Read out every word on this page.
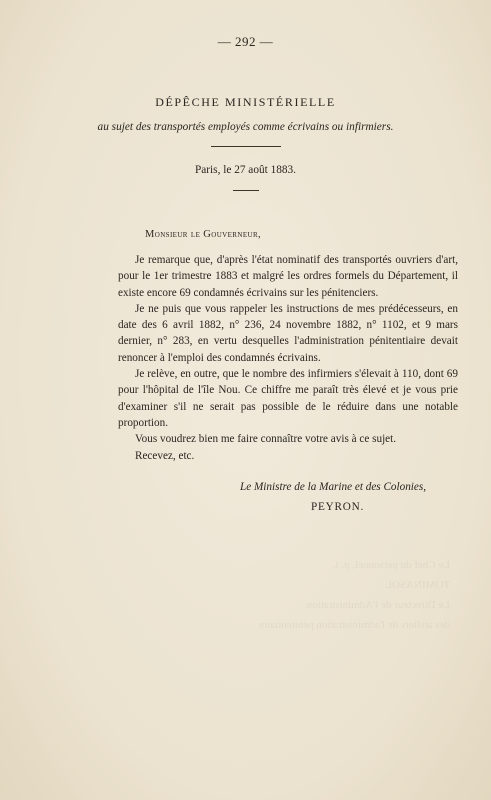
Le Chef du personnel, p. i.
TOMINASOL
Le Directeur de l'Administration
des ateliers de l'administration pénitentiaire
— 292 —
DÉPÊCHE MINISTÉRIELLE
au sujet des transportés employés comme écrivains ou infirmiers.
Paris, le 27 août 1883.
Monsieur le Gouverneur,

Je remarque que, d'après l'état nominatif des transportés ouvriers d'art, pour le 1er trimestre 1883 et malgré les ordres formels du Département, il existe encore 69 condamnés écrivains sur les pénitenciers.

Je ne puis que vous rappeler les instructions de mes prédécesseurs, en date des 6 avril 1882, n° 236, 24 novembre 1882, n° 1102, et 9 mars dernier, n° 283, en vertu desquelles l'administration pénitentiaire devait renoncer à l'emploi des condamnés écrivains.

Je relève, en outre, que le nombre des infirmiers s'élevait à 110, dont 69 pour l'hôpital de l'île Nou. Ce chiffre me paraît très élevé et je vous prie d'examiner s'il ne serait pas possible de le réduire dans une notable proportion.

Vous voudrez bien me faire connaître votre avis à ce sujet.

Recevez, etc.

Le Ministre de la Marine et des Colonies,
PEYRON.
